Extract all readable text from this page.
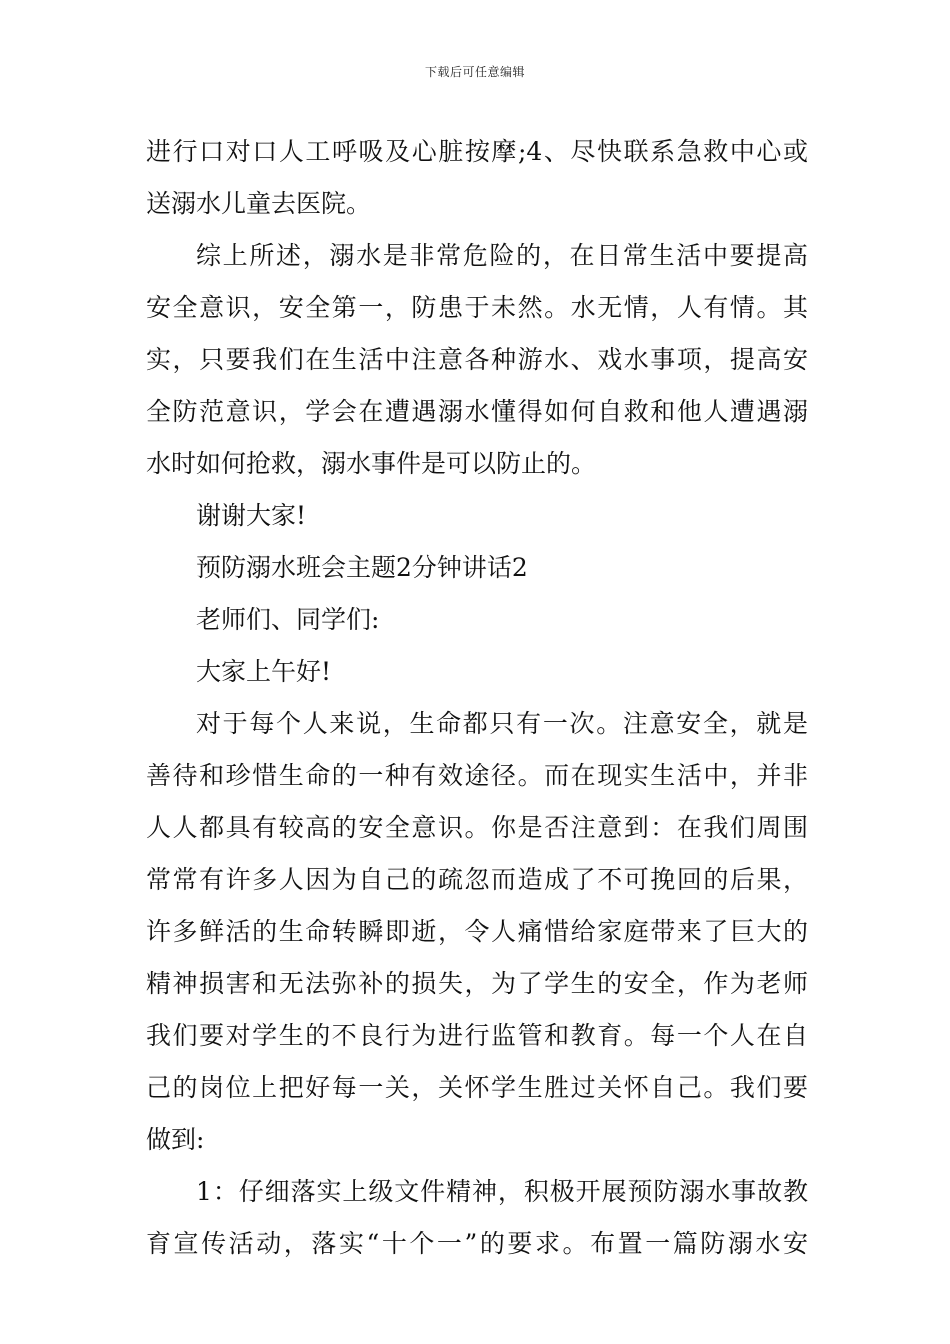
下载后可任意编辑

进行口对口人工呼吸及心脏按摩;4、尽快联系急救中心或
送溺水儿童去医院。

综上所述，溺水是非常危险的，在日常生活中要提高
安全意识，安全第一，防患于未然。水无情，人有情。其
实，只要我们在生活中注意各种游水、戏水事项，提高安
全防范意识，学会在遭遇溺水懂得如何自救和他人遭遇溺
水时如何抢救，溺水事件是可以防止的。

谢谢大家!

预防溺水班会主题2分钟讲话2

老师们、同学们:

大家上午好!

对于每个人来说，生命都只有一次。注意安全，就是
善待和珍惜生命的一种有效途径。而在现实生活中，并非
人人都具有较高的安全意识。你是否注意到：在我们周围
常常有许多人因为自己的疏忽而造成了不可挽回的后果，
许多鲜活的生命转瞬即逝，令人痛惜给家庭带来了巨大的
精神损害和无法弥补的损失，为了学生的安全，作为老师
我们要对学生的不良行为进行监管和教育。每一个人在自
己的岗位上把好每一关，关怀学生胜过关怀自己。我们要
做到:

1：仔细落实上级文件精神，积极开展预防溺水事故教
育宣传活动，落实“十个一”的要求。布置一篇防溺水安
